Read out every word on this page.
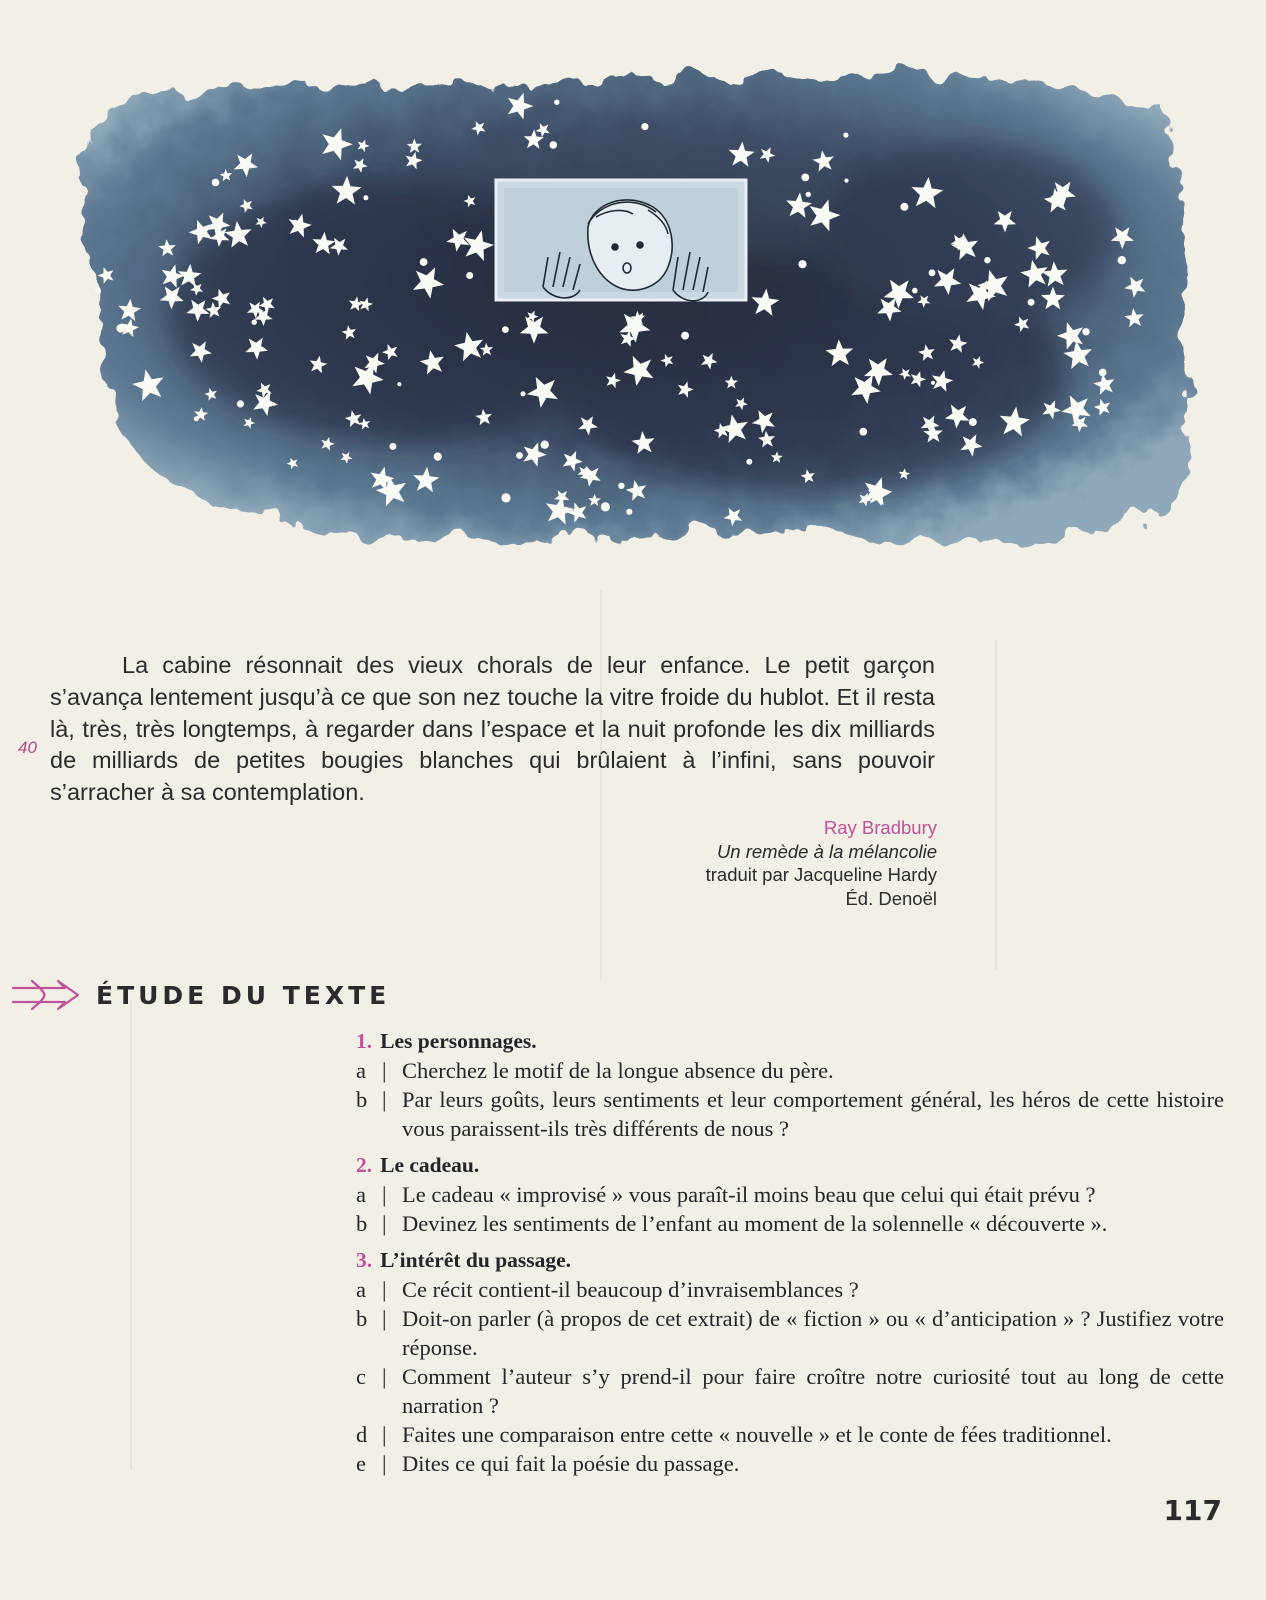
40

La cabine résonnait des vieux chorals de leur enfance. Le petit garçon s’avança lentement jusqu’à ce que son nez touche la vitre froide du hublot. Et il resta là, très, très longtemps, à regarder dans l’espace et la nuit profonde les dix milliards de milliards de petites bougies blanches qui brûlaient à l’infini, sans pouvoir s’arracher à sa contemplation.

Ray Bradbury
Un remède à la mélancolie
traduit par Jacqueline Hardy
Éd. Denoël
ÉTUDE DU TEXTE
1. Les personnages.
a | Cherchez le motif de la longue absence du père.
b | Par leurs goûts, leurs sentiments et leur comportement général, les héros de cette histoire vous paraissent-ils très différents de nous ?
2. Le cadeau.
a | Le cadeau « improvisé » vous paraît-il moins beau que celui qui était prévu ?
b | Devinez les sentiments de l’enfant au moment de la solennelle « découverte ».
3. L’intérêt du passage.
a | Ce récit contient-il beaucoup d’invraisemblances ?
b | Doit-on parler (à propos de cet extrait) de « fiction » ou « d’anticipation » ? Justifiez votre réponse.
c | Comment l’auteur s’y prend-il pour faire croître notre curiosité tout au long de cette narration ?
d | Faites une comparaison entre cette « nouvelle » et le conte de fées traditionnel.
e | Dites ce qui fait la poésie du passage.
117
